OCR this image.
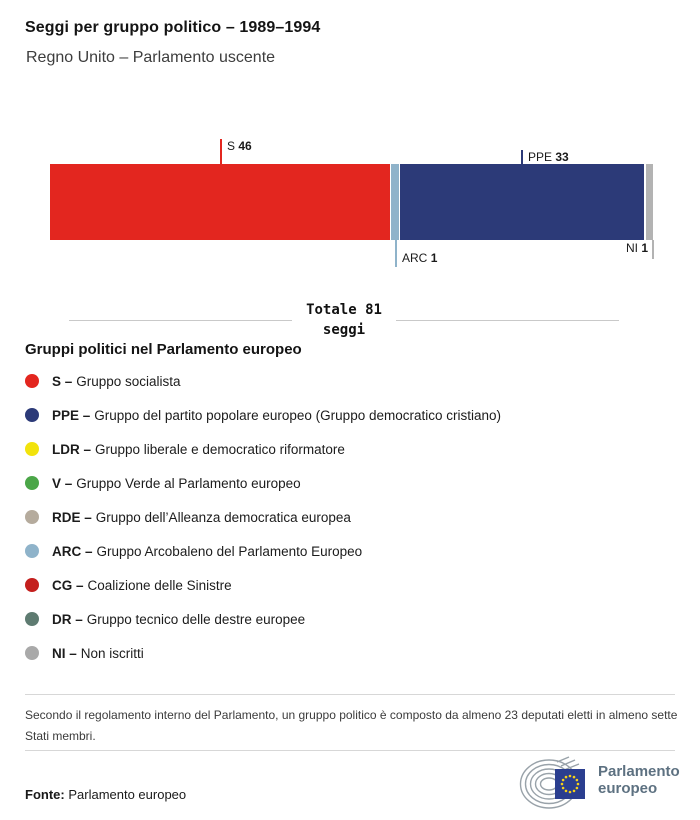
Seggi per gruppo politico – 1989–1994
Regno Unito – Parlamento uscente
S 46
PPE 33
ARC 1
NI 1
Totale 81
seggi
Gruppi politici nel Parlamento europeo
S – Gruppo socialista
PPE – Gruppo del partito popolare europeo (Gruppo democratico cristiano)
LDR – Gruppo liberale e democratico riformatore
V – Gruppo Verde al Parlamento europeo
RDE – Gruppo dell’Alleanza democratica europea
ARC – Gruppo Arcobaleno del Parlamento Europeo
CG – Coalizione delle Sinistre
DR – Gruppo tecnico delle destre europee
NI – Non iscritti
Secondo il regolamento interno del Parlamento, un gruppo politico è composto da almeno 23 deputati eletti in almeno sette Stati membri.
Fonte: Parlamento europeo
Parlamento
europeo
